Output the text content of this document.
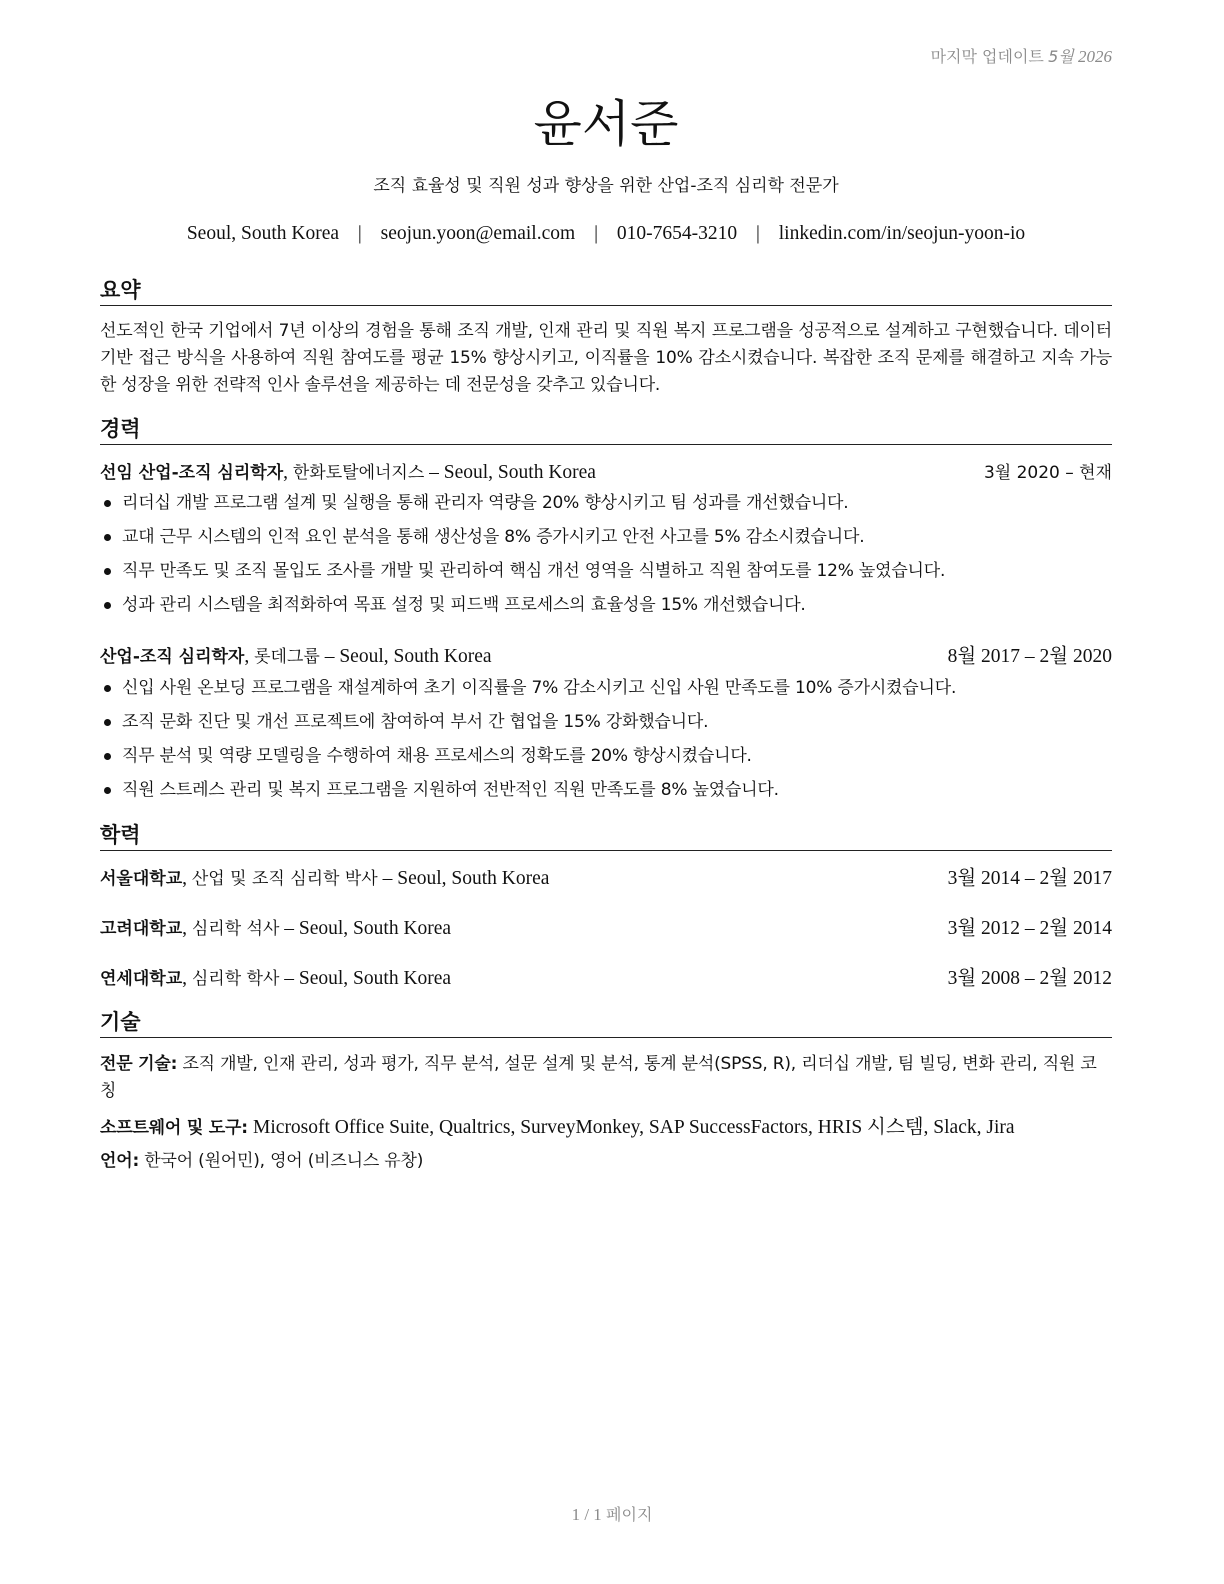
마지막 업데이트 5월 2026
윤서준
조직 효율성 및 직원 성과 향상을 위한 산업-조직 심리학 전문가
Seoul, South Korea | seojun.yoon@email.com | 010-7654-3210 | linkedin.com/in/seojun-yoon-io
요약
선도적인 한국 기업에서 7년 이상의 경험을 통해 조직 개발, 인재 관리 및 직원 복지 프로그램을 성공적으로 설계하고 구현했습니다. 데이터 기반 접근 방식을 사용하여 직원 참여도를 평균 15% 향상시키고, 이직률을 10% 감소시켰습니다. 복잡한 조직 문제를 해결하고 지속 가능한 성장을 위한 전략적 인사 솔루션을 제공하는 데 전문성을 갖추고 있습니다.
경력
선임 산업-조직 심리학자, 한화토탈에너지스 – Seoul, South Korea	3월 2020 – 현재
리더십 개발 프로그램 설계 및 실행을 통해 관리자 역량을 20% 향상시키고 팀 성과를 개선했습니다.
교대 근무 시스템의 인적 요인 분석을 통해 생산성을 8% 증가시키고 안전 사고를 5% 감소시켰습니다.
직무 만족도 및 조직 몰입도 조사를 개발 및 관리하여 핵심 개선 영역을 식별하고 직원 참여도를 12% 높였습니다.
성과 관리 시스템을 최적화하여 목표 설정 및 피드백 프로세스의 효율성을 15% 개선했습니다.
산업-조직 심리학자, 롯데그룹 – Seoul, South Korea	8월 2017 – 2월 2020
신입 사원 온보딩 프로그램을 재설계하여 초기 이직률을 7% 감소시키고 신입 사원 만족도를 10% 증가시켰습니다.
조직 문화 진단 및 개선 프로젝트에 참여하여 부서 간 협업을 15% 강화했습니다.
직무 분석 및 역량 모델링을 수행하여 채용 프로세스의 정확도를 20% 향상시켰습니다.
직원 스트레스 관리 및 복지 프로그램을 지원하여 전반적인 직원 만족도를 8% 높였습니다.
학력
서울대학교, 산업 및 조직 심리학 박사 – Seoul, South Korea	3월 2014 – 2월 2017
고려대학교, 심리학 석사 – Seoul, South Korea	3월 2012 – 2월 2014
연세대학교, 심리학 학사 – Seoul, South Korea	3월 2008 – 2월 2012
기술
전문 기술: 조직 개발, 인재 관리, 성과 평가, 직무 분석, 설문 설계 및 분석, 통계 분석(SPSS, R), 리더십 개발, 팀 빌딩, 변화 관리, 직원 코칭
소프트웨어 및 도구: Microsoft Office Suite, Qualtrics, SurveyMonkey, SAP SuccessFactors, HRIS 시스템, Slack, Jira
언어: 한국어 (원어민), 영어 (비즈니스 유창)
1 / 1 페이지
